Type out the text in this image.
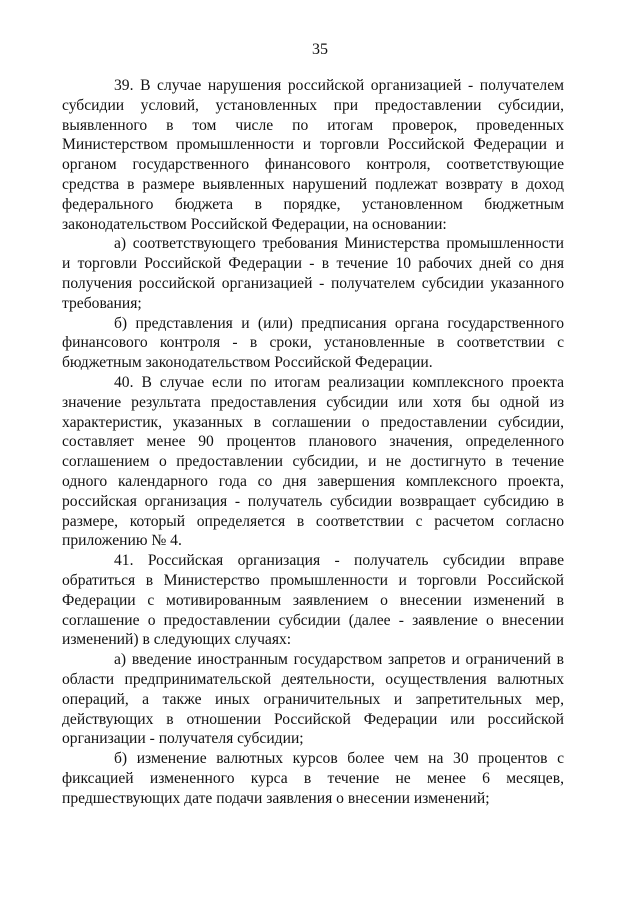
35

39. В случае нарушения российской организацией - получателем субсидии условий, установленных при предоставлении субсидии, выявленного в том числе по итогам проверок, проведенных Министерством промышленности и торговли Российской Федерации и органом государственного финансового контроля, соответствующие средства в размере выявленных нарушений подлежат возврату в доход федерального бюджета в порядке, установленном бюджетным законодательством Российской Федерации, на основании:

а) соответствующего требования Министерства промышленности и торговли Российской Федерации - в течение 10 рабочих дней со дня получения российской организацией - получателем субсидии указанного требования;

б) представления и (или) предписания органа государственного финансового контроля - в сроки, установленные в соответствии с бюджетным законодательством Российской Федерации.

40. В случае если по итогам реализации комплексного проекта значение результата предоставления субсидии или хотя бы одной из характеристик, указанных в соглашении о предоставлении субсидии, составляет менее 90 процентов планового значения, определенного соглашением о предоставлении субсидии, и не достигнуто в течение одного календарного года со дня завершения комплексного проекта, российская организация - получатель субсидии возвращает субсидию в размере, который определяется в соответствии с расчетом согласно приложению № 4.

41. Российская организация - получатель субсидии вправе обратиться в Министерство промышленности и торговли Российской Федерации с мотивированным заявлением о внесении изменений в соглашение о предоставлении субсидии (далее - заявление о внесении изменений) в следующих случаях:

а) введение иностранным государством запретов и ограничений в области предпринимательской деятельности, осуществления валютных операций, а также иных ограничительных и запретительных мер, действующих в отношении Российской Федерации или российской организации - получателя субсидии;

б) изменение валютных курсов более чем на 30 процентов с фиксацией измененного курса в течение не менее 6 месяцев, предшествующих дате подачи заявления о внесении изменений;
